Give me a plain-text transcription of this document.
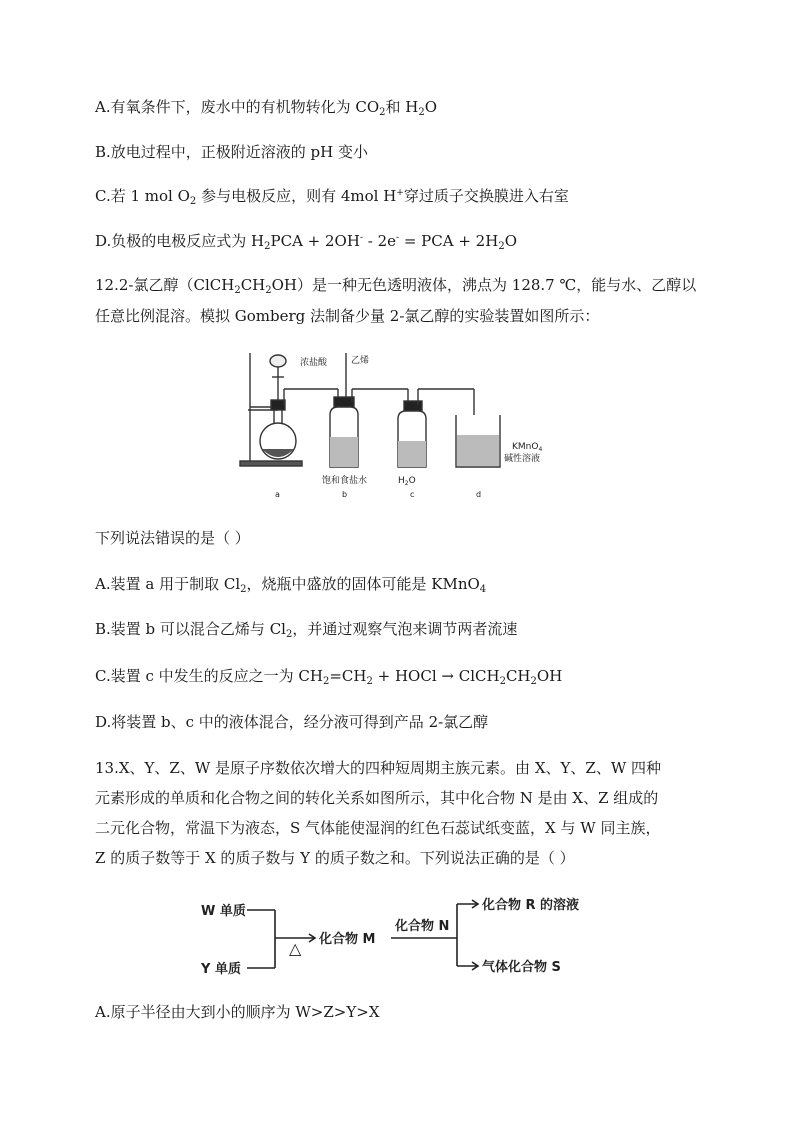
A.有氧条件下，废水中的有机物转化为 $CO_2$和 $H_2O$
B.放电过程中，正极附近溶液的 pH 变小
C.若 1 mol $O_2$ 参与电极反应，则有 4mol H+穿过质子交换膜进入右室
D.负极的电极反应式为 $H_2PCA + 2OH^- - 2e^-$ = PCA + $2H_2O$
12.2-氯乙醇$(ClCH_2CH_2OH)$是一种无色透明液体，沸点为 128.7 ℃，能与水、乙醇以
任意比例混溶。模拟 Gomberg 法制备少量 2-氯乙醇的实验装置如图所示：
浓盐酸	乙烯
KMnO$_4$
碱性溶液
饱和食盐水	$H_2O$
a	b	c	d
下列说法错误的是（ ）
A.装置 a 用于制取 $Cl_2$，烧瓶中盛放的固体可能是 KMnO$_4$
B.装置 b 可以混合乙烯与 $Cl_2$，并通过观察气泡来调节两者流速
C.装置 c 中发生的反应之一为 $CH_2=CH_2$ + HOCl → $ClCH_2CH_2OH$
D.将装置 b、c 中的液体混合，经分液可得到产品 2-氯乙醇
13.X、Y、Z、W 是原子序数依次增大的四种短周期主族元素。由 X、Y、Z、W 四种
元素形成的单质和化合物之间的转化关系如图所示，其中化合物 N 是由 X、Z 组成的
二元化合物，常温下为液态，S 气体能使湿润的红色石蕊试纸变蓝，X 与 W 同主族，
Z 的质子数等于 X 的质子数与 Y 的质子数之和。下列说法正确的是（ ）
W 单质
Y 单质
△ 化合物 M
化合物 N
化合物 R 的溶液
气体化合物 S
A.原子半径由大到小的顺序为 W>Z>Y>X
